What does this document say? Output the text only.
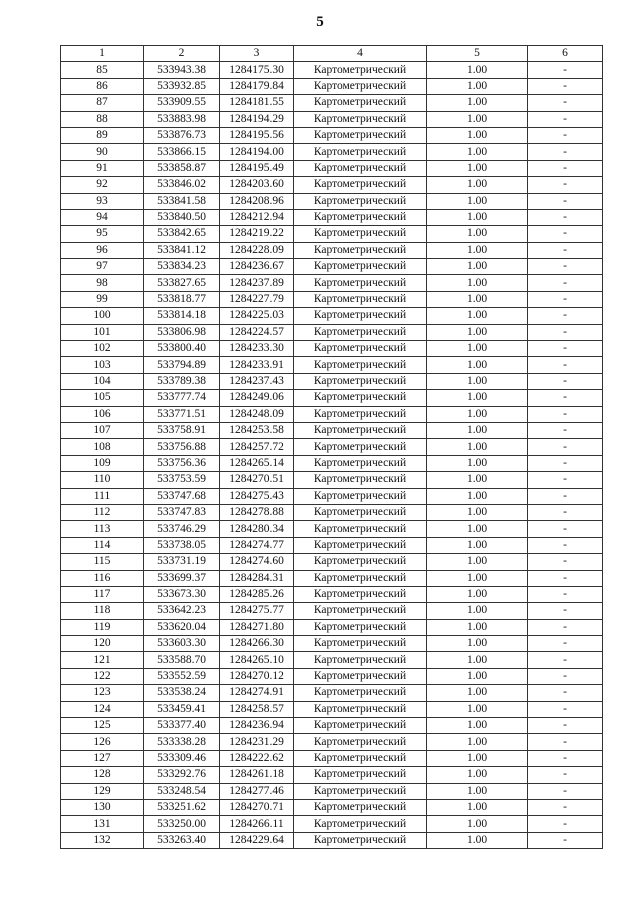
5
1	2	3	4	5	6
85	533943.38	1284175.30	Картометрический	1.00	-
86	533932.85	1284179.84	Картометрический	1.00	-
87	533909.55	1284181.55	Картометрический	1.00	-
88	533883.98	1284194.29	Картометрический	1.00	-
89	533876.73	1284195.56	Картометрический	1.00	-
90	533866.15	1284194.00	Картометрический	1.00	-
91	533858.87	1284195.49	Картометрический	1.00	-
92	533846.02	1284203.60	Картометрический	1.00	-
93	533841.58	1284208.96	Картометрический	1.00	-
94	533840.50	1284212.94	Картометрический	1.00	-
95	533842.65	1284219.22	Картометрический	1.00	-
96	533841.12	1284228.09	Картометрический	1.00	-
97	533834.23	1284236.67	Картометрический	1.00	-
98	533827.65	1284237.89	Картометрический	1.00	-
99	533818.77	1284227.79	Картометрический	1.00	-
100	533814.18	1284225.03	Картометрический	1.00	-
101	533806.98	1284224.57	Картометрический	1.00	-
102	533800.40	1284233.30	Картометрический	1.00	-
103	533794.89	1284233.91	Картометрический	1.00	-
104	533789.38	1284237.43	Картометрический	1.00	-
105	533777.74	1284249.06	Картометрический	1.00	-
106	533771.51	1284248.09	Картометрический	1.00	-
107	533758.91	1284253.58	Картометрический	1.00	-
108	533756.88	1284257.72	Картометрический	1.00	-
109	533756.36	1284265.14	Картометрический	1.00	-
110	533753.59	1284270.51	Картометрический	1.00	-
111	533747.68	1284275.43	Картометрический	1.00	-
112	533747.83	1284278.88	Картометрический	1.00	-
113	533746.29	1284280.34	Картометрический	1.00	-
114	533738.05	1284274.77	Картометрический	1.00	-
115	533731.19	1284274.60	Картометрический	1.00	-
116	533699.37	1284284.31	Картометрический	1.00	-
117	533673.30	1284285.26	Картометрический	1.00	-
118	533642.23	1284275.77	Картометрический	1.00	-
119	533620.04	1284271.80	Картометрический	1.00	-
120	533603.30	1284266.30	Картометрический	1.00	-
121	533588.70	1284265.10	Картометрический	1.00	-
122	533552.59	1284270.12	Картометрический	1.00	-
123	533538.24	1284274.91	Картометрический	1.00	-
124	533459.41	1284258.57	Картометрический	1.00	-
125	533377.40	1284236.94	Картометрический	1.00	-
126	533338.28	1284231.29	Картометрический	1.00	-
127	533309.46	1284222.62	Картометрический	1.00	-
128	533292.76	1284261.18	Картометрический	1.00	-
129	533248.54	1284277.46	Картометрический	1.00	-
130	533251.62	1284270.71	Картометрический	1.00	-
131	533250.00	1284266.11	Картометрический	1.00	-
132	533263.40	1284229.64	Картометрический	1.00	-
